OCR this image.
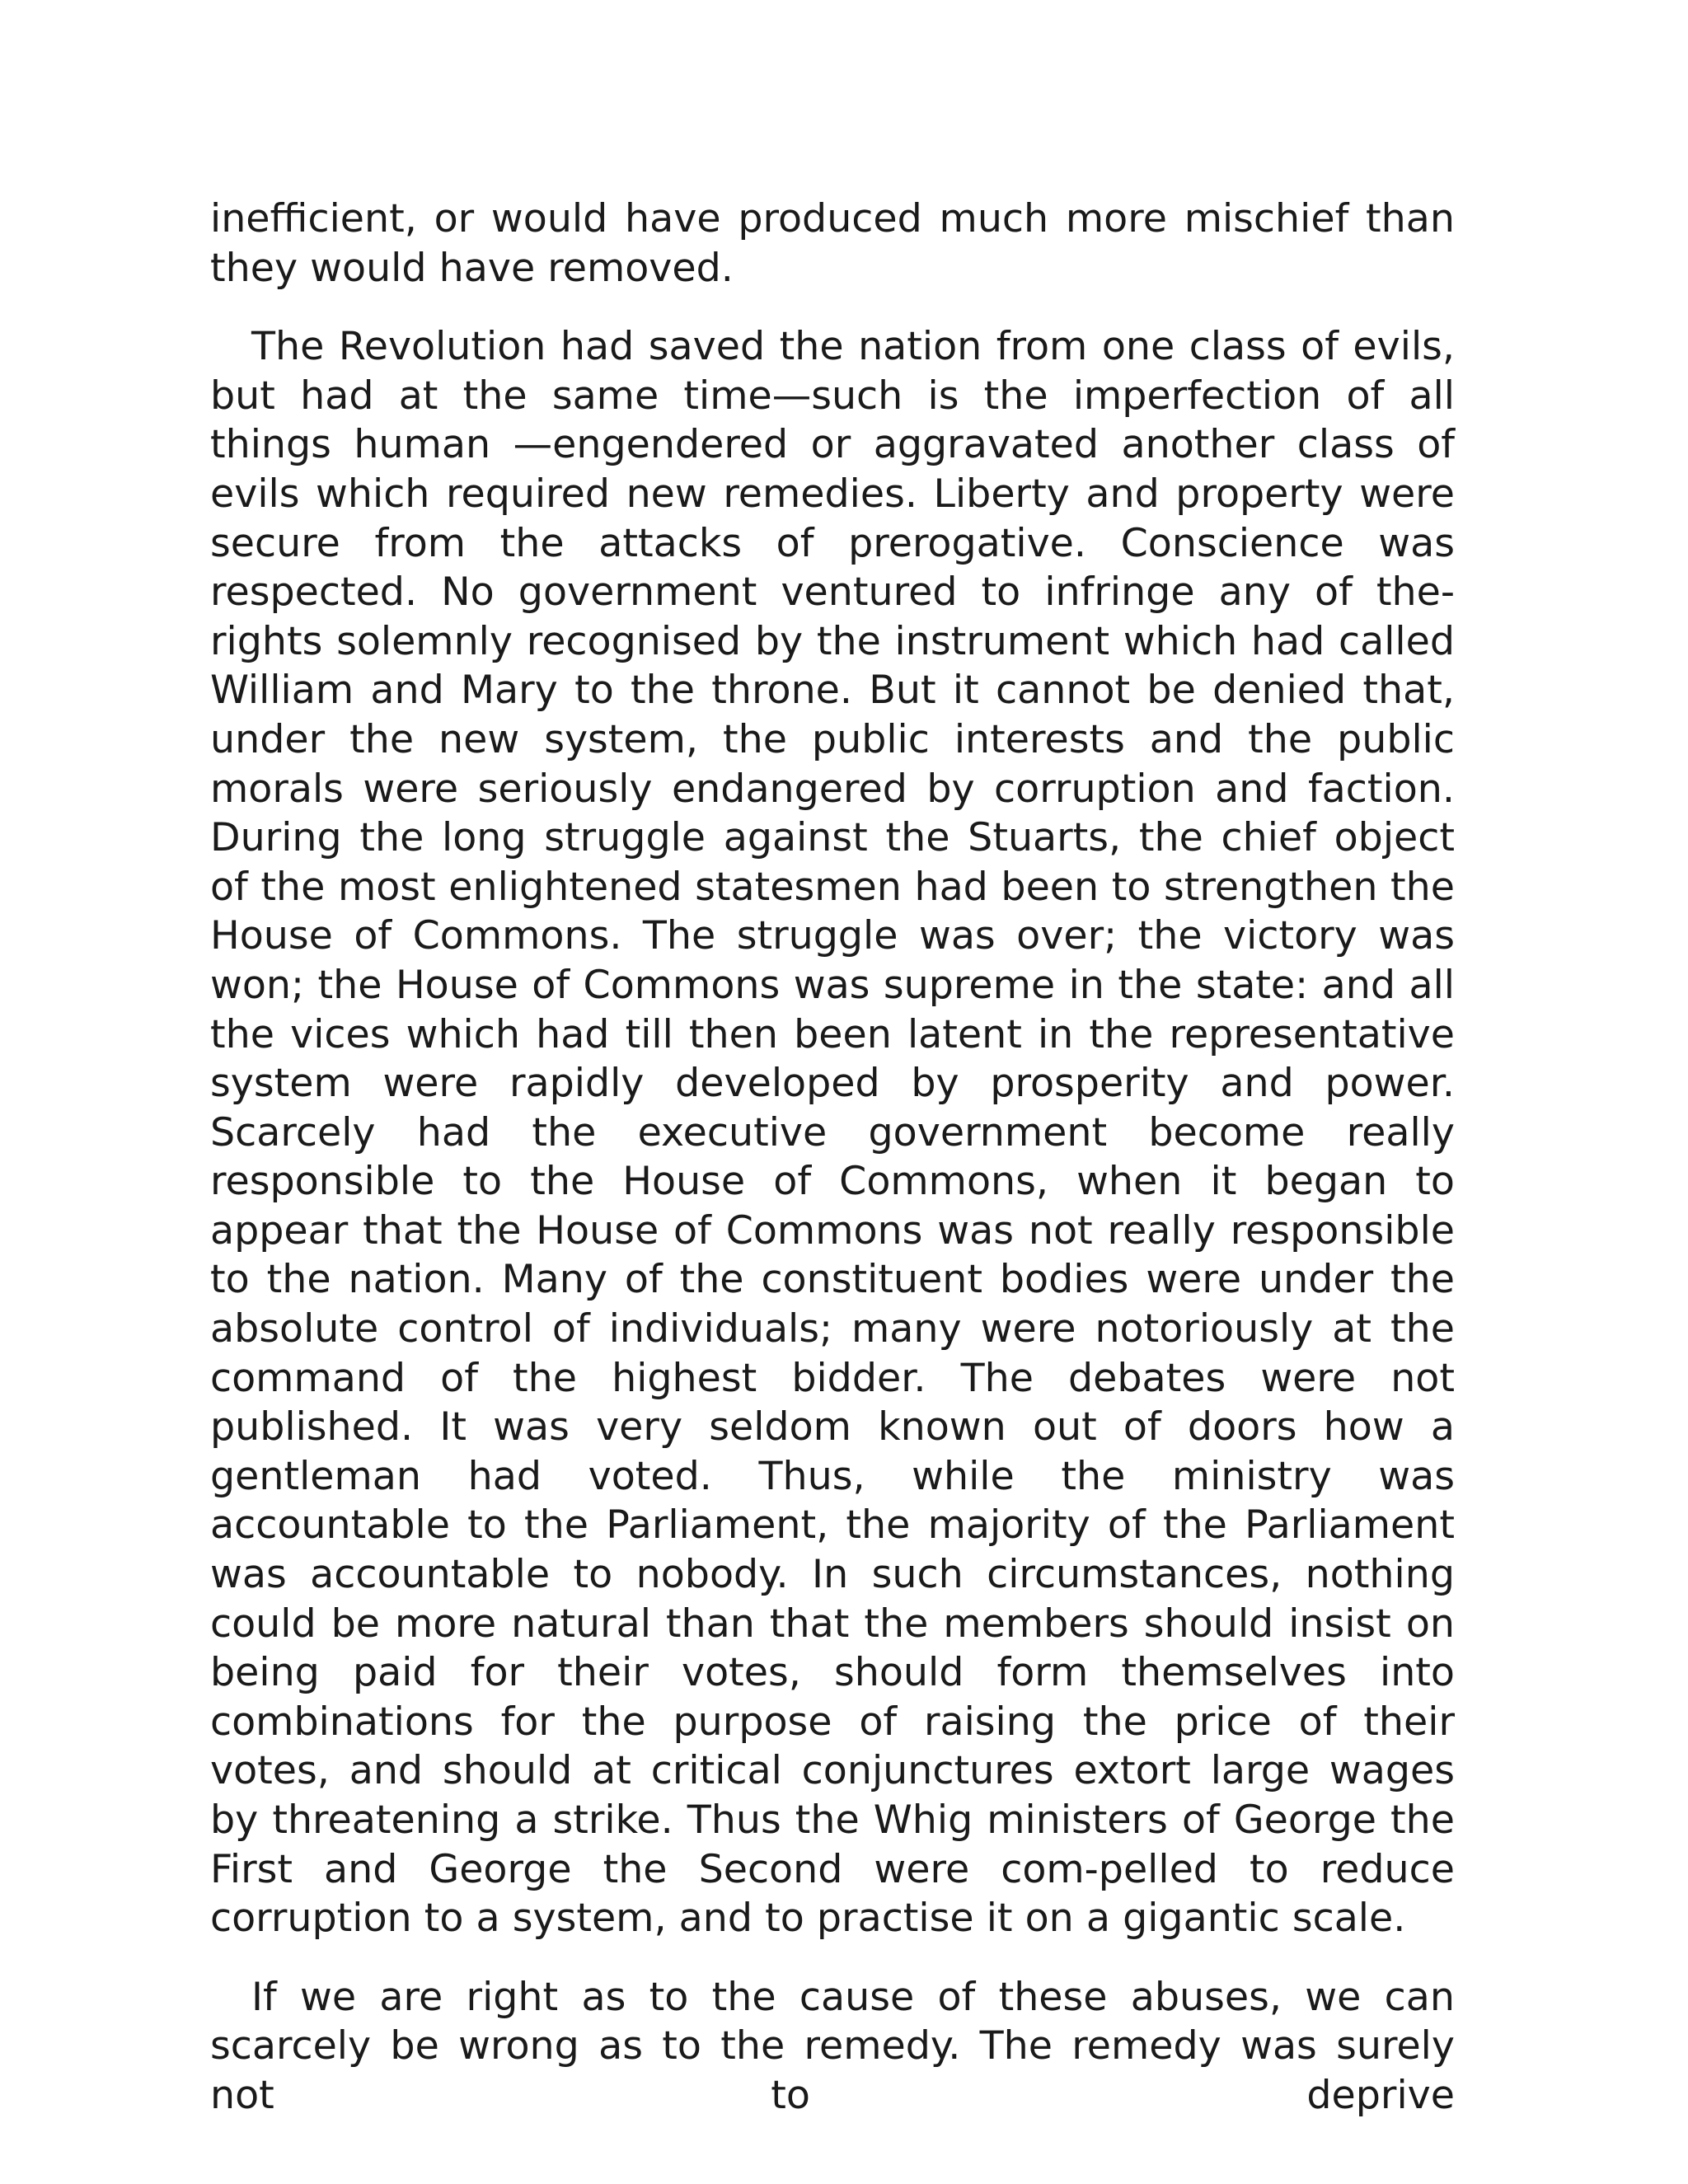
inefficient, or would have produced much more mischief than they would have removed.

The Revolution had saved the nation from one class of evils, but had at the same time—such is the imperfection of all things human —engendered or aggravated another class of evils which required new remedies. Liberty and property were secure from the attacks of prerogative. Conscience was respected. No government ventured to infringe any of the-rights solemnly recognised by the instrument which had called William and Mary to the throne. But it cannot be denied that, under the new system, the public interests and the public morals were seriously endangered by corruption and faction. During the long struggle against the Stuarts, the chief object of the most enlightened statesmen had been to strengthen the House of Commons. The struggle was over; the victory was won; the House of Commons was supreme in the state: and all the vices which had till then been latent in the representative system were rapidly developed by prosperity and power. Scarcely had the executive government become really responsible to the House of Commons, when it began to appear that the House of Commons was not really responsible to the nation. Many of the constituent bodies were under the absolute control of individuals; many were notoriously at the command of the highest bidder. The debates were not published. It was very seldom known out of doors how a gentleman had voted. Thus, while the ministry was accountable to the Parliament, the majority of the Parliament was accountable to nobody. In such circumstances, nothing could be more natural than that the members should insist on being paid for their votes, should form themselves into combinations for the purpose of raising the price of their votes, and should at critical conjunctures extort large wages by threatening a strike. Thus the Whig ministers of George the First and George the Second were com-pelled to reduce corruption to a system, and to practise it on a gigantic scale.

If we are right as to the cause of these abuses, we can scarcely be wrong as to the remedy. The remedy was surely not to deprive
